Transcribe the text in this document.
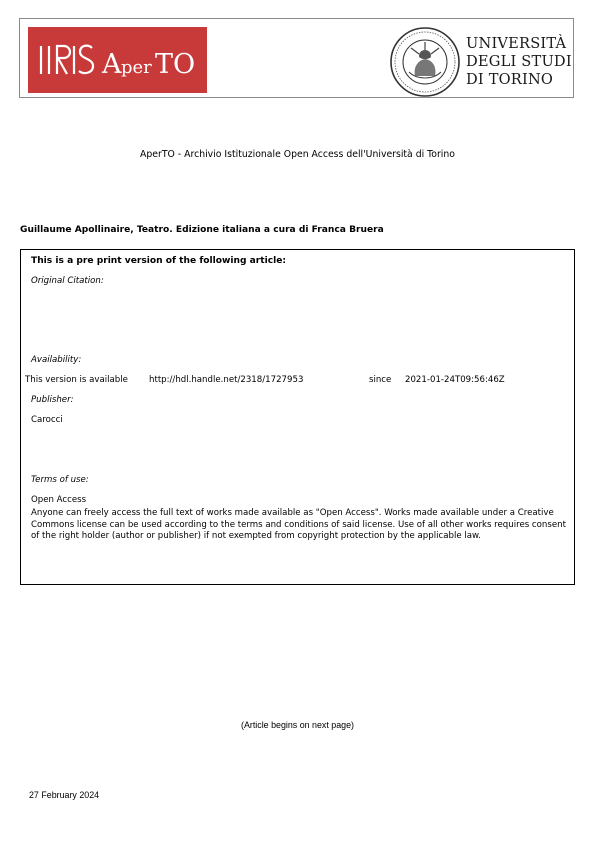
A per TO
UNIVERSITÀ
DEGLI STUDI
DI TORINO
AperTO - Archivio Istituzionale Open Access dell'Università di Torino
Guillaume Apollinaire, Teatro. Edizione italiana a cura di Franca Bruera
This is a pre print version of the following article:
Original Citation:
Availability:
This version is available http://hdl.handle.net/2318/1727953	since 2021-01-24T09:56:46Z
Publisher:
Carocci
Terms of use:
Open Access
Anyone can freely access the full text of works made available as "Open Access". Works made available under a Creative Commons license can be used according to the terms and conditions of said license. Use of all other works requires consent of the right holder (author or publisher) if not exempted from copyright protection by the applicable law.
(Article begins on next page)
27 February 2024
